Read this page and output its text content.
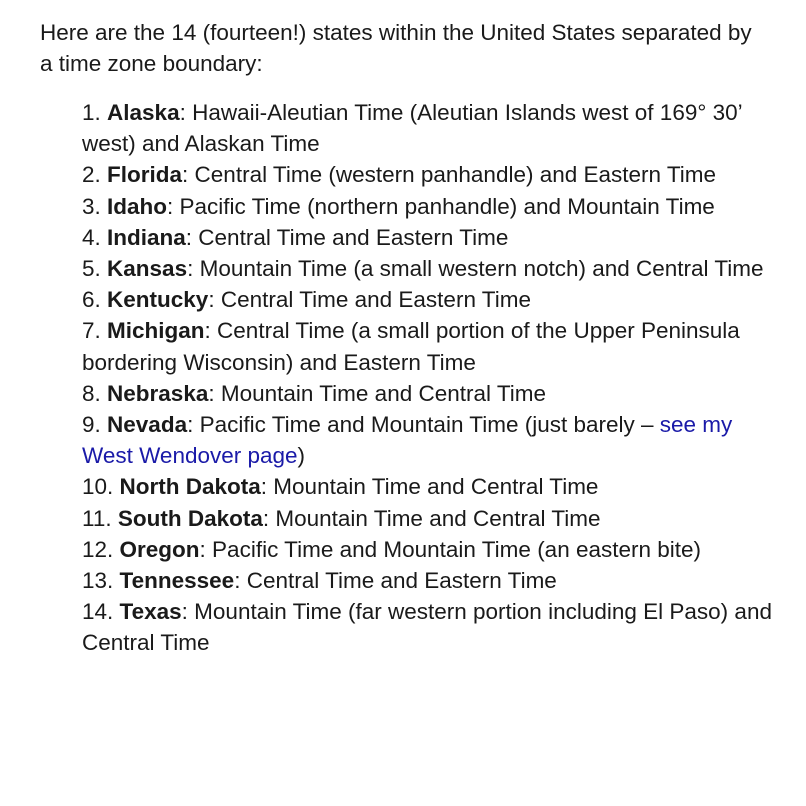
Here are the 14 (fourteen!) states within the United States separated by a time zone boundary:

1. Alaska: Hawaii-Aleutian Time (Aleutian Islands west of 169° 30’ west) and Alaskan Time
2. Florida: Central Time (western panhandle) and Eastern Time
3. Idaho: Pacific Time (northern panhandle) and Mountain Time
4. Indiana: Central Time and Eastern Time
5. Kansas: Mountain Time (a small western notch) and Central Time
6. Kentucky: Central Time and Eastern Time
7. Michigan: Central Time (a small portion of the Upper Peninsula bordering Wisconsin) and Eastern Time
8. Nebraska: Mountain Time and Central Time
9. Nevada: Pacific Time and Mountain Time (just barely – see my West Wendover page)
10. North Dakota: Mountain Time and Central Time
11. South Dakota: Mountain Time and Central Time
12. Oregon: Pacific Time and Mountain Time (an eastern bite)
13. Tennessee: Central Time and Eastern Time
14. Texas: Mountain Time (far western portion including El Paso) and Central Time
